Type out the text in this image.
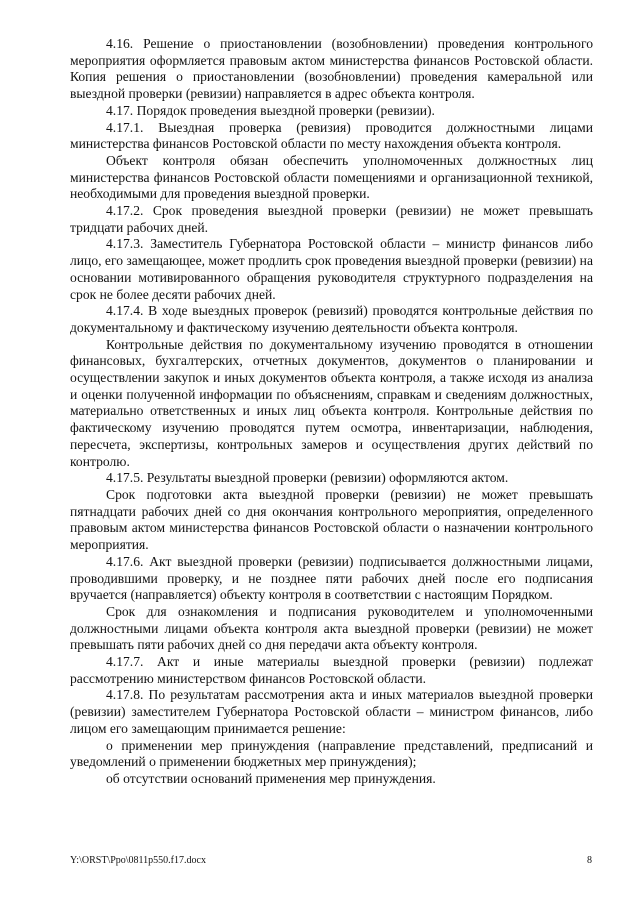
4.16. Решение о приостановлении (возобновлении) проведения контрольного мероприятия оформляется правовым актом министерства финансов Ростовской области. Копия решения о приостановлении (возобновлении) проведения камеральной или выездной проверки (ревизии) направляется в адрес объекта контроля.

4.17. Порядок проведения выездной проверки (ревизии).

4.17.1. Выездная проверка (ревизия) проводится должностными лицами министерства финансов Ростовской области по месту нахождения объекта контроля.

Объект контроля обязан обеспечить уполномоченных должностных лиц министерства финансов Ростовской области помещениями и организационной техникой, необходимыми для проведения выездной проверки.

4.17.2. Срок проведения выездной проверки (ревизии) не может превышать тридцати рабочих дней.

4.17.3. Заместитель Губернатора Ростовской области – министр финансов либо лицо, его замещающее, может продлить срок проведения выездной проверки (ревизии) на основании мотивированного обращения руководителя структурного подразделения на срок не более десяти рабочих дней.

4.17.4. В ходе выездных проверок (ревизий) проводятся контрольные действия по документальному и фактическому изучению деятельности объекта контроля.

Контрольные действия по документальному изучению проводятся в отношении финансовых, бухгалтерских, отчетных документов, документов о планировании и осуществлении закупок и иных документов объекта контроля, а также исходя из анализа и оценки полученной информации по объяснениям, справкам и сведениям должностных, материально ответственных и иных лиц объекта контроля. Контрольные действия по фактическому изучению проводятся путем осмотра, инвентаризации, наблюдения, пересчета, экспертизы, контрольных замеров и осуществления других действий по контролю.

4.17.5. Результаты выездной проверки (ревизии) оформляются актом.

Срок подготовки акта выездной проверки (ревизии) не может превышать пятнадцати рабочих дней со дня окончания контрольного мероприятия, определенного правовым актом министерства финансов Ростовской области о назначении контрольного мероприятия.

4.17.6. Акт выездной проверки (ревизии) подписывается должностными лицами, проводившими проверку, и не позднее пяти рабочих дней после его подписания вручается (направляется) объекту контроля в соответствии с настоящим Порядком.

Срок для ознакомления и подписания руководителем и уполномоченными должностными лицами объекта контроля акта выездной проверки (ревизии) не может превышать пяти рабочих дней со дня передачи акта объекту контроля.

4.17.7. Акт и иные материалы выездной проверки (ревизии) подлежат рассмотрению министерством финансов Ростовской области.

4.17.8. По результатам рассмотрения акта и иных материалов выездной проверки (ревизии) заместителем Губернатора Ростовской области – министром финансов, либо лицом его замещающим принимается решение:

о применении мер принуждения (направление представлений, предписаний и уведомлений о применении бюджетных мер принуждения);

об отсутствии оснований применения мер принуждения.

Y:\ORST\Ppo\0811p550.f17.docx	8
